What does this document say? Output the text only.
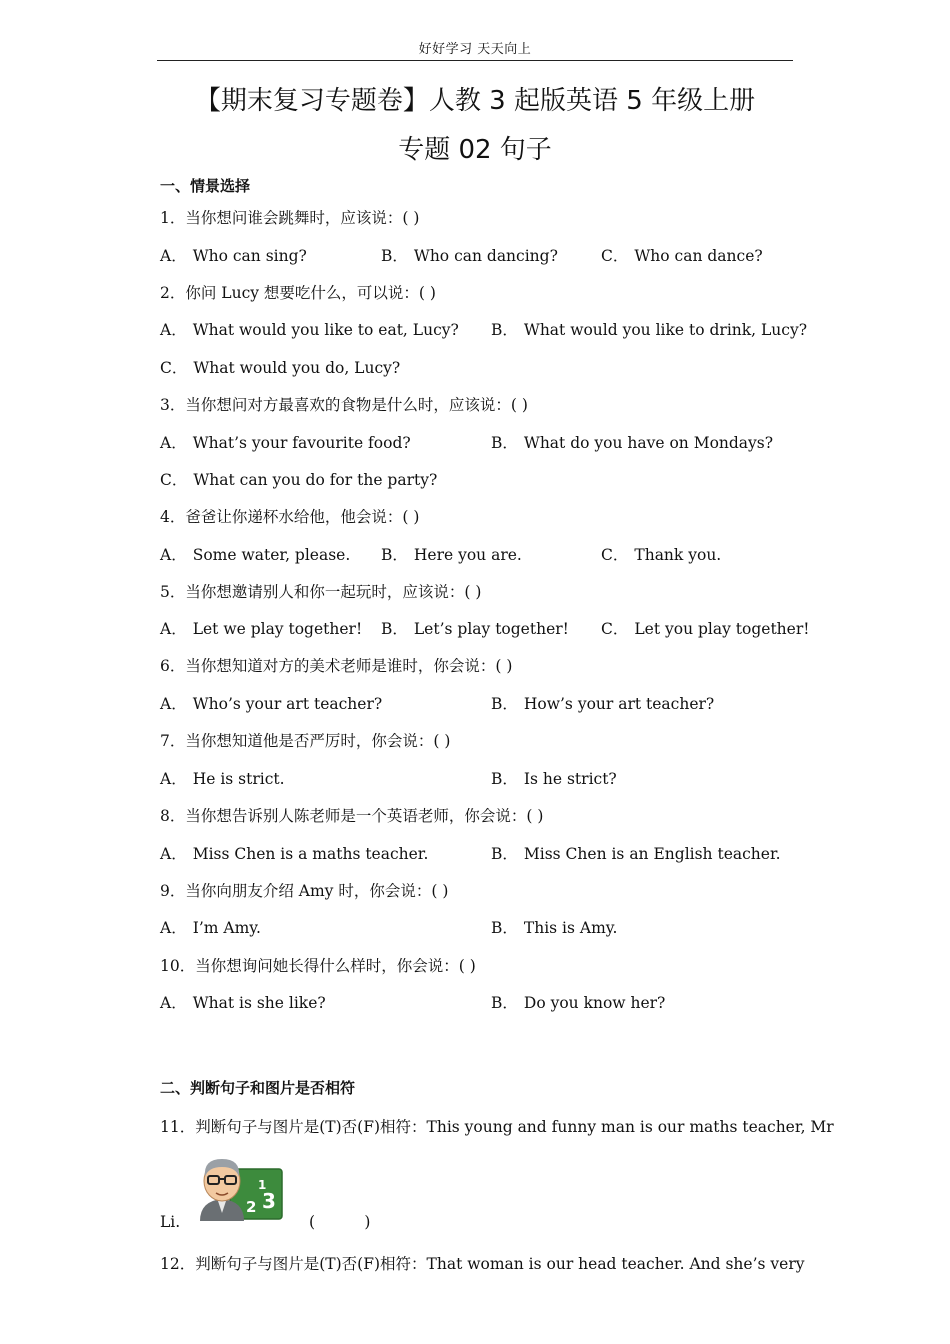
好好学习 天天向上
【期末复习专题卷】人教 3 起版英语 5 年级上册
专题 02 句子
一、情景选择
1．当你想问谁会跳舞时，应该说：( )
A． Who can sing?	B． Who can dancing?	C． Who can dance?
2．你问 Lucy 想要吃什么，可以说：( )
A． What would you like to eat, Lucy? B． What would you like to drink, Lucy?
C． What would you do, Lucy?
3．当你想问对方最喜欢的食物是什么时，应该说：( )
A． What’s your favourite food?	B． What do you have on Mondays?
C． What can you do for the party?
4．爸爸让你递杯水给他，他会说：( )
A． Some water, please. B． Here you are.	C． Thank you.
5．当你想邀请别人和你一起玩时，应该说：( )
A． Let we play together! B． Let’s play together! C． Let you play together!
6．当你想知道对方的美术老师是谁时，你会说：( )
A． Who’s your art teacher?	B． How’s your art teacher?
7．当你想知道他是否严厉时，你会说：( )
A． He is strict.	B． Is he strict?
8．当你想告诉别人陈老师是一个英语老师，你会说：( )
A． Miss Chen is a maths teacher.	B． Miss Chen is an English teacher.
9．当你向朋友介绍 Amy 时，你会说：( )
A． I’m Amy.	B． This is Amy.
10．当你想询问她长得什么样时，你会说：( )
A． What is she like?	B． Do you know her?
二、判断句子和图片是否相符
11．判断句子与图片是(T)否(F)相符：This young and funny man is our maths teacher, Mr
Li.
1
2 3
(          )
12．判断句子与图片是(T)否(F)相符：That woman is our head teacher. And she’s very
